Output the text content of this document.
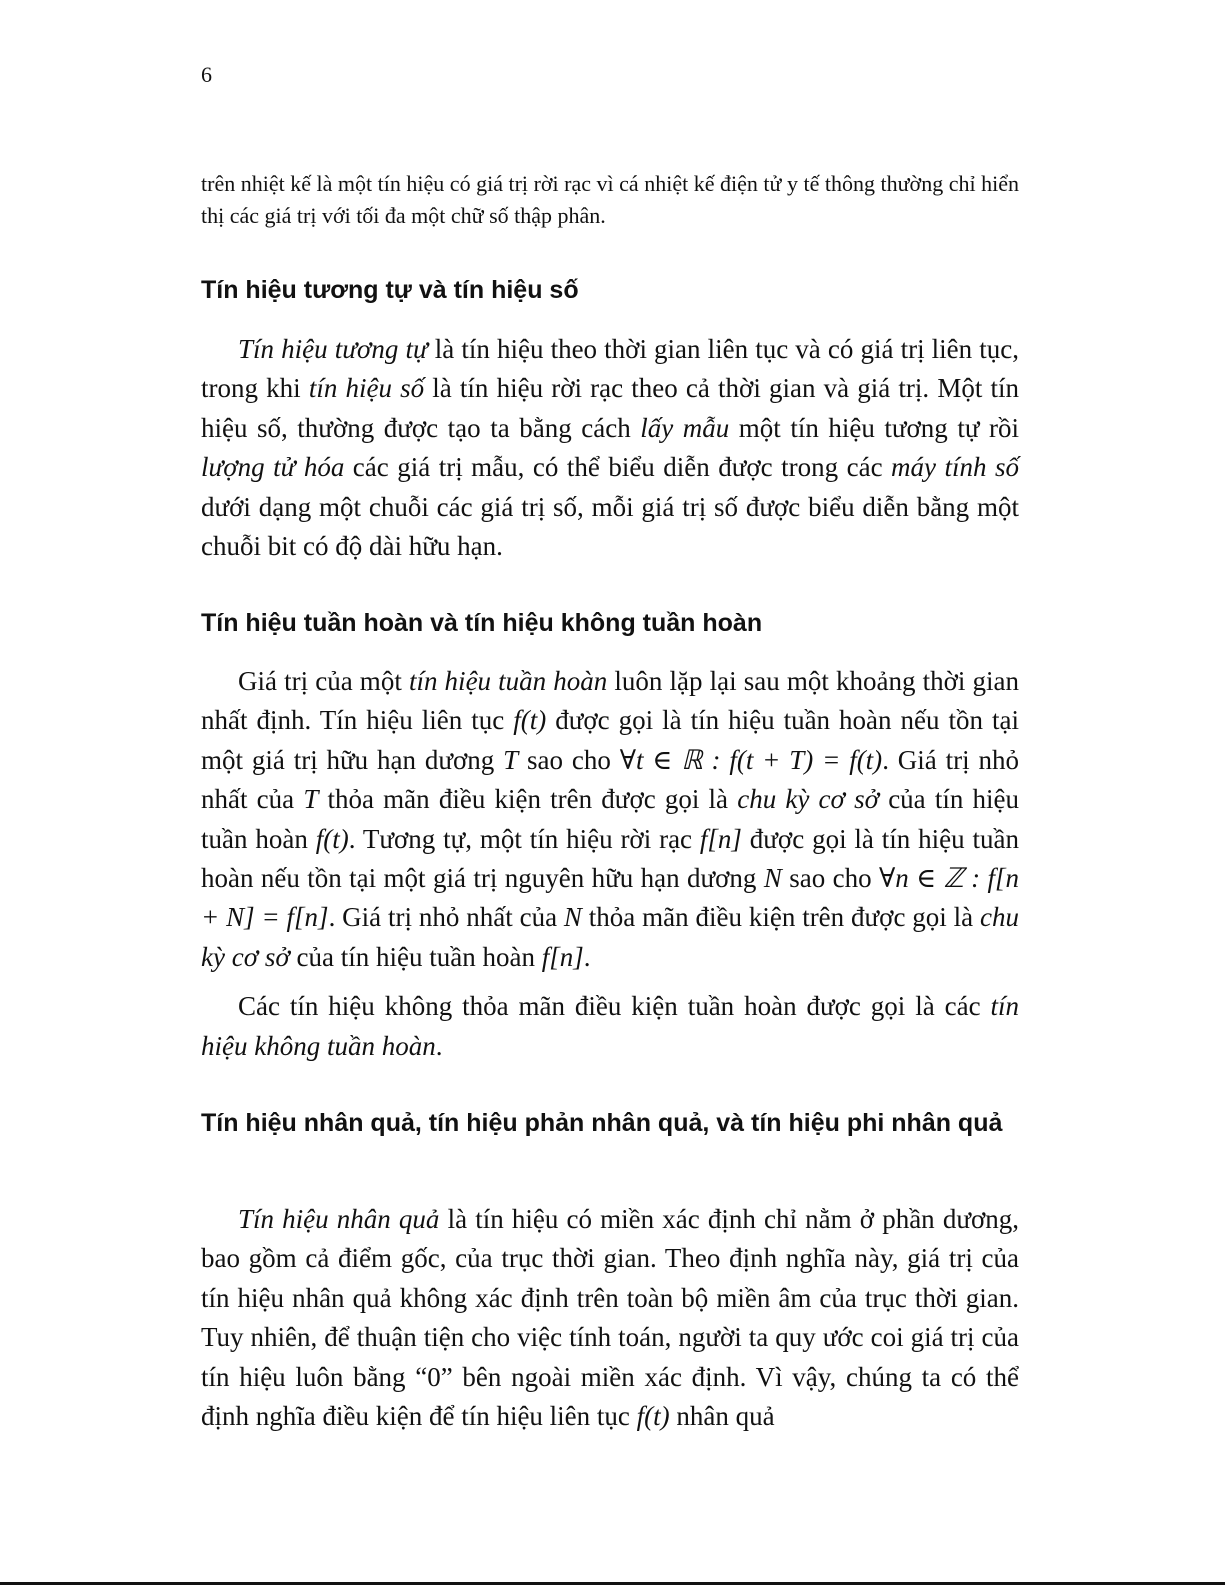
6

trên nhiệt kế là một tín hiệu có giá trị rời rạc vì cá nhiệt kế điện tử y tế thông thường chỉ hiển thị các giá trị với tối đa một chữ số thập phân.

Tín hiệu tương tự và tín hiệu số

Tín hiệu tương tự là tín hiệu theo thời gian liên tục và có giá trị liên tục, trong khi tín hiệu số là tín hiệu rời rạc theo cả thời gian và giá trị. Một tín hiệu số, thường được tạo ta bằng cách lấy mẫu một tín hiệu tương tự rồi lượng tử hóa các giá trị mẫu, có thể biểu diễn được trong các máy tính số dưới dạng một chuỗi các giá trị số, mỗi giá trị số được biểu diễn bằng một chuỗi bit có độ dài hữu hạn.

Tín hiệu tuần hoàn và tín hiệu không tuần hoàn

Giá trị của một tín hiệu tuần hoàn luôn lặp lại sau một khoảng thời gian nhất định. Tín hiệu liên tục f(t) được gọi là tín hiệu tuần hoàn nếu tồn tại một giá trị hữu hạn dương T sao cho ∀t ∈ ℝ : f(t + T) = f(t). Giá trị nhỏ nhất của T thỏa mãn điều kiện trên được gọi là chu kỳ cơ sở của tín hiệu tuần hoàn f(t). Tương tự, một tín hiệu rời rạc f[n] được gọi là tín hiệu tuần hoàn nếu tồn tại một giá trị nguyên hữu hạn dương N sao cho ∀n ∈ ℤ : f[n + N] = f[n]. Giá trị nhỏ nhất của N thỏa mãn điều kiện trên được gọi là chu kỳ cơ sở của tín hiệu tuần hoàn f[n].

Các tín hiệu không thỏa mãn điều kiện tuần hoàn được gọi là các tín hiệu không tuần hoàn.

Tín hiệu nhân quả, tín hiệu phản nhân quả, và tín hiệu phi nhân quả

Tín hiệu nhân quả là tín hiệu có miền xác định chỉ nằm ở phần dương, bao gồm cả điểm gốc, của trục thời gian. Theo định nghĩa này, giá trị của tín hiệu nhân quả không xác định trên toàn bộ miền âm của trục thời gian. Tuy nhiên, để thuận tiện cho việc tính toán, người ta quy ước coi giá trị của tín hiệu luôn bằng “0” bên ngoài miền xác định. Vì vậy, chúng ta có thể định nghĩa điều kiện để tín hiệu liên tục f(t) nhân quả
